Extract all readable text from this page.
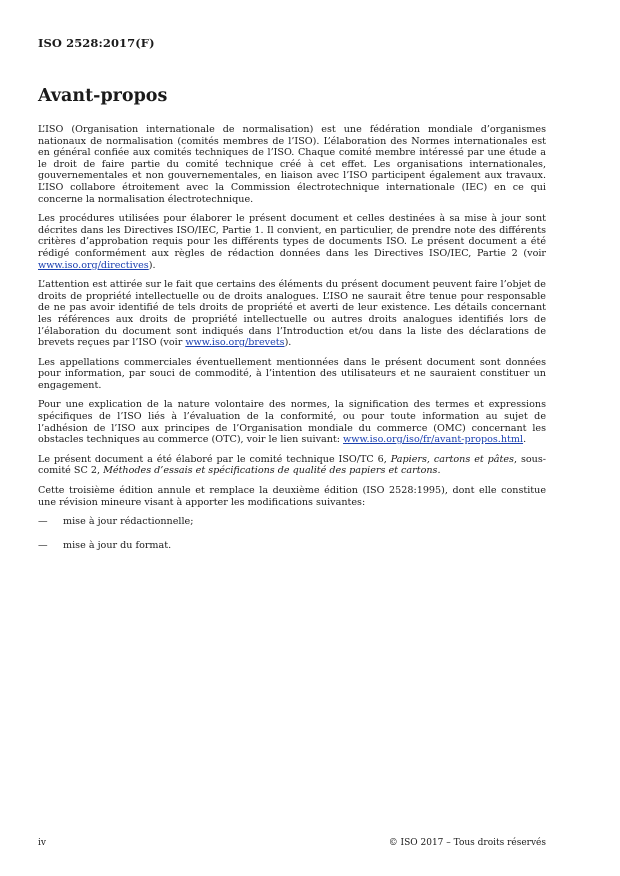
ISO 2528:2017(F)
Avant-propos

L’ISO (Organisation internationale de normalisation) est une fédération mondiale d’organismes nationaux de normalisation (comités membres de l’ISO). L’élaboration des Normes internationales est en général confiée aux comités techniques de l’ISO. Chaque comité membre intéressé par une étude a le droit de faire partie du comité technique créé à cet effet. Les organisations internationales, gouvernementales et non gouvernementales, en liaison avec l’ISO participent également aux travaux. L’ISO collabore étroitement avec la Commission électrotechnique internationale (IEC) en ce qui concerne la normalisation électrotechnique.

Les procédures utilisées pour élaborer le présent document et celles destinées à sa mise à jour sont décrites dans les Directives ISO/IEC, Partie 1. Il convient, en particulier, de prendre note des différents critères d’approbation requis pour les différents types de documents ISO. Le présent document a été rédigé conformément aux règles de rédaction données dans les Directives ISO/IEC, Partie 2 (voir www.iso.org/directives).

L’attention est attirée sur le fait que certains des éléments du présent document peuvent faire l’objet de droits de propriété intellectuelle ou de droits analogues. L’ISO ne saurait être tenue pour responsable de ne pas avoir identifié de tels droits de propriété et averti de leur existence. Les détails concernant les références aux droits de propriété intellectuelle ou autres droits analogues identifiés lors de l’élaboration du document sont indiqués dans l’Introduction et/ou dans la liste des déclarations de brevets reçues par l’ISO (voir www.iso.org/brevets).

Les appellations commerciales éventuellement mentionnées dans le présent document sont données pour information, par souci de commodité, à l’intention des utilisateurs et ne sauraient constituer un engagement.

Pour une explication de la nature volontaire des normes, la signification des termes et expressions spécifiques de l’ISO liés à l’évaluation de la conformité, ou pour toute information au sujet de l’adhésion de l’ISO aux principes de l’Organisation mondiale du commerce (OMC) concernant les obstacles techniques au commerce (OTC), voir le lien suivant: www.iso.org/iso/fr/avant-propos.html.

Le présent document a été élaboré par le comité technique ISO/TC 6, Papiers, cartons et pâtes, sous-comité SC 2, Méthodes d’essais et spécifications de qualité des papiers et cartons.

Cette troisième édition annule et remplace la deuxième édition (ISO 2528:1995), dont elle constitue une révision mineure visant à apporter les modifications suivantes:

—	mise à jour rédactionnelle;
—	mise à jour du format.
iv	© ISO 2017 – Tous droits réservés
